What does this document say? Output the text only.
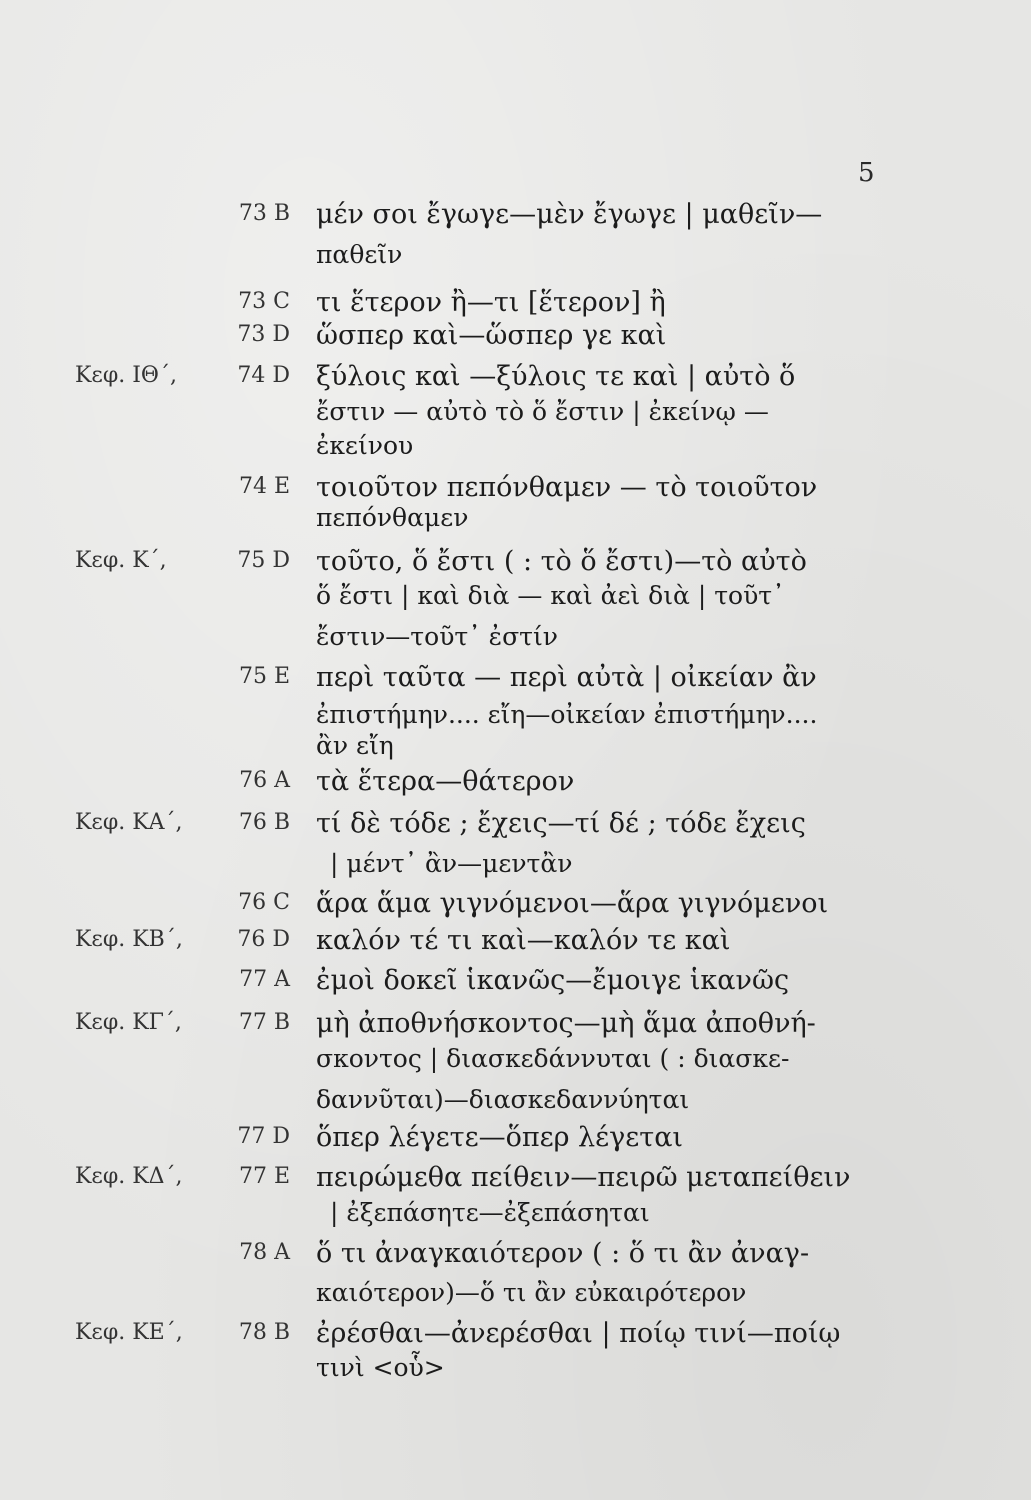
5
73 B μέν σοι ἔγωγε—μὲν ἔγωγε | μαθεῖν—
παθεῖν
73 C τι ἕτερον ἢ—τι [ἕτερον] ἢ
73 D ὥσπερ καὶ—ὥσπερ γε καὶ
Κεφ. ΙΘ΄,	74 D ξύλοις καὶ —ξύλοις τε καὶ | αὐτὸ ὅ
ἔστιν — αὐτὸ τὸ ὅ ἔστιν | ἐκείνῳ —
ἐκείνου
74 E τοιοῦτον πεπόνθαμεν — τὸ τοιοῦτον
πεπόνθαμεν
Κεφ. Κ΄,	75 D τοῦτο, ὅ ἔστι ( : τὸ ὅ ἔστι)—τὸ αὐτὸ
ὅ ἔστι | καὶ διὰ — καὶ ἀεὶ διὰ | τοῦτ᾽
ἔστιν—τοῦτ᾽ ἐστίν
75 E περὶ ταῦτα — περὶ αὐτὰ | οἰκείαν ἂν
ἐπιστήμην.... εἴη—οἰκείαν ἐπιστήμην....
ἂν εἴη
76 A τὰ ἕτερα—θάτερον
Κεφ. ΚΑ΄,	76 B τί δὲ τόδε ; ἔχεις—τί δέ ; τόδε ἔχεις
| μέντ᾽ ἂν—μεντἂν
76 C ἅρα ἅμα γιγνόμενοι—ἅρα γιγνόμενοι
Κεφ. ΚΒ΄, 76 D καλόν τέ τι καὶ—καλόν τε καὶ
77 A ἐμοὶ δοκεῖ ἱκανῶς—ἔμοιγε ἱκανῶς
Κεφ. ΚΓ΄,	77 B μὴ ἀποθνήσκοντος—μὴ ἅμα ἀποθνή-
σκοντος | διασκεδάννυται ( : διασκε-
δαννῦται)—διασκεδαννύηται
77 D ὅπερ λέγετε—ὅπερ λέγεται
Κεφ. ΚΔ΄,	77 E πειρώμεθα πείθειν—πειρῶ μεταπείθειν
| ἐξεπάσητε—ἐξεπάσηται
78 A ὅ τι ἀναγκαιότερον ( : ὅ τι ἂν ἀναγ-
καιότερον)—ὅ τι ἂν εὐκαιρότερον
Κεφ. ΚΕ΄,	78 B ἐρέσθαι—ἀνερέσθαι | ποίῳ τινί—ποίῳ
τινὶ <οὗ>
